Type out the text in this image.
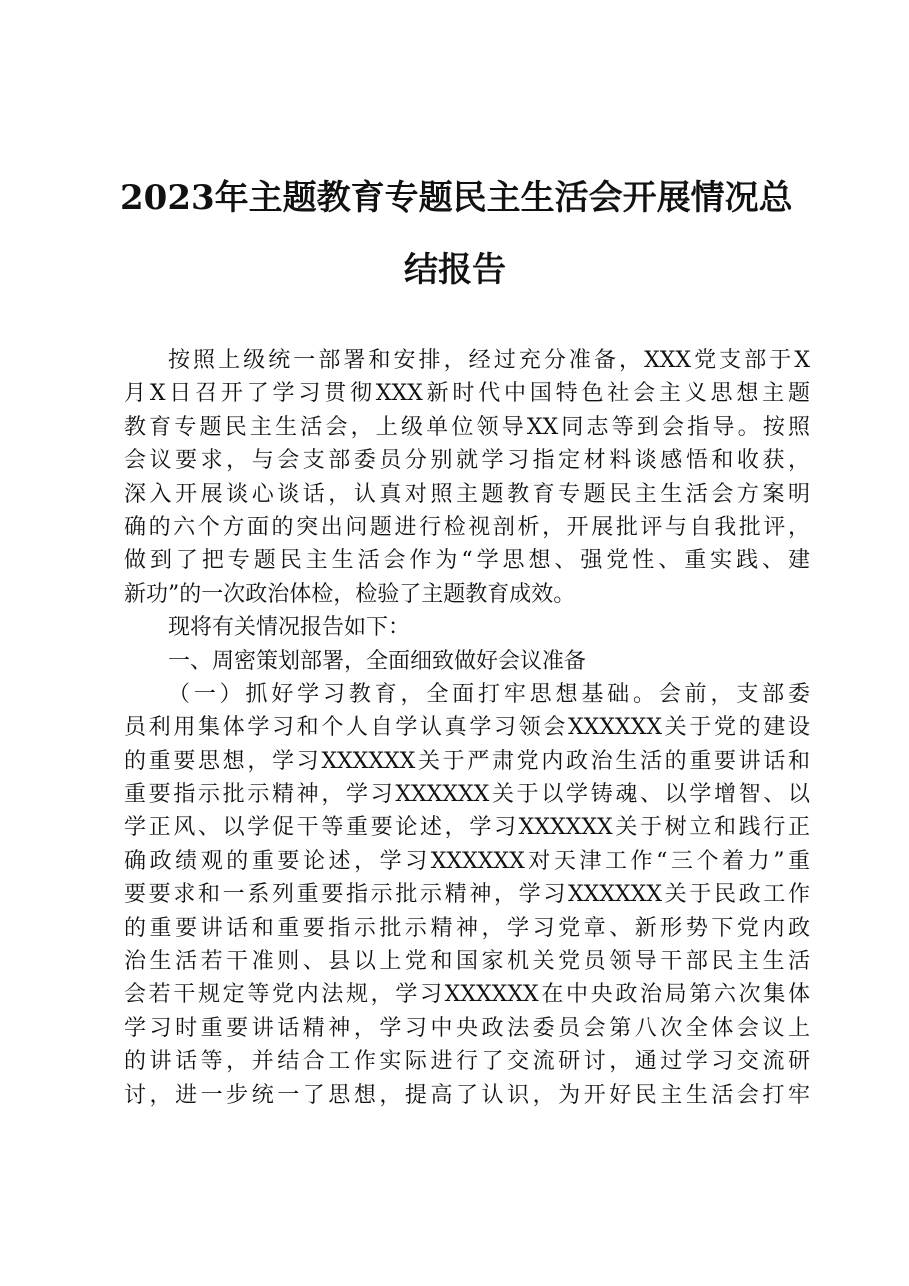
2023年主题教育专题民主生活会开展情况总
结报告
按照上级统一部署和安排，经过充分准备，XXX党支部于X
月X日召开了学习贯彻XXX新时代中国特色社会主义思想主题
教育专题民主生活会，上级单位领导XX同志等到会指导。按照
会议要求，与会支部委员分别就学习指定材料谈感悟和收获，
深入开展谈心谈话，认真对照主题教育专题民主生活会方案明
确的六个方面的突出问题进行检视剖析，开展批评与自我批评，
做到了把专题民主生活会作为“学思想、强党性、重实践、建
新功”的一次政治体检，检验了主题教育成效。
现将有关情况报告如下：
一、周密策划部署，全面细致做好会议准备
（一）抓好学习教育，全面打牢思想基础。会前，支部委
员利用集体学习和个人自学认真学习领会XXXXXX关于党的建设
的重要思想，学习XXXXXX关于严肃党内政治生活的重要讲话和
重要指示批示精神，学习XXXXXX关于以学铸魂、以学增智、以
学正风、以学促干等重要论述，学习XXXXXX关于树立和践行正
确政绩观的重要论述，学习XXXXXX对天津工作“三个着力”重
要要求和一系列重要指示批示精神，学习XXXXXX关于民政工作
的重要讲话和重要指示批示精神，学习党章、新形势下党内政
治生活若干准则、县以上党和国家机关党员领导干部民主生活
会若干规定等党内法规，学习XXXXXX在中央政治局第六次集体
学习时重要讲话精神，学习中央政法委员会第八次全体会议上
的讲话等，并结合工作实际进行了交流研讨，通过学习交流研
讨，进一步统一了思想，提高了认识，为开好民主生活会打牢
